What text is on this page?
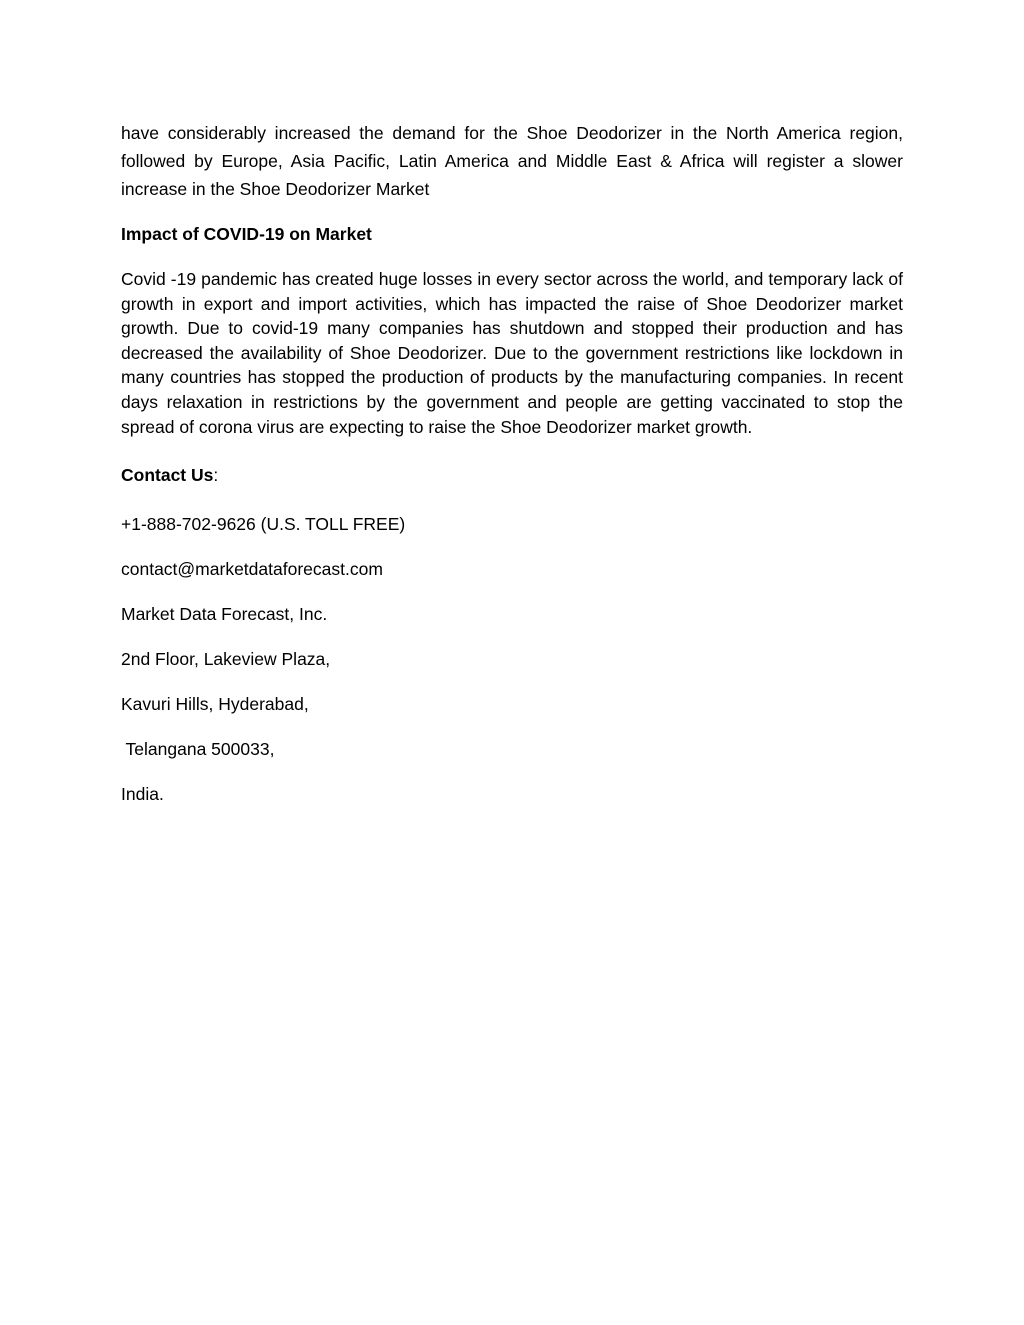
have considerably increased the demand for the Shoe Deodorizer in the North America region, followed by Europe, Asia Pacific, Latin America and Middle East & Africa will register a slower increase in the Shoe Deodorizer Market

Impact of COVID-19 on Market

Covid -19 pandemic has created huge losses in every sector across the world, and temporary lack of growth in export and import activities, which has impacted the raise of Shoe Deodorizer market growth. Due to covid-19 many companies has shutdown and stopped their production and has decreased the availability of Shoe Deodorizer. Due to the government restrictions like lockdown in many countries has stopped the production of products by the manufacturing companies. In recent days relaxation in restrictions by the government and people are getting vaccinated to stop the spread of corona virus are expecting to raise the Shoe Deodorizer market growth.

Contact Us:

+1-888-702-9626 (U.S. TOLL FREE)

contact@marketdataforecast.com

Market Data Forecast, Inc.

2nd Floor, Lakeview Plaza,

Kavuri Hills, Hyderabad,

Telangana 500033,

India.
